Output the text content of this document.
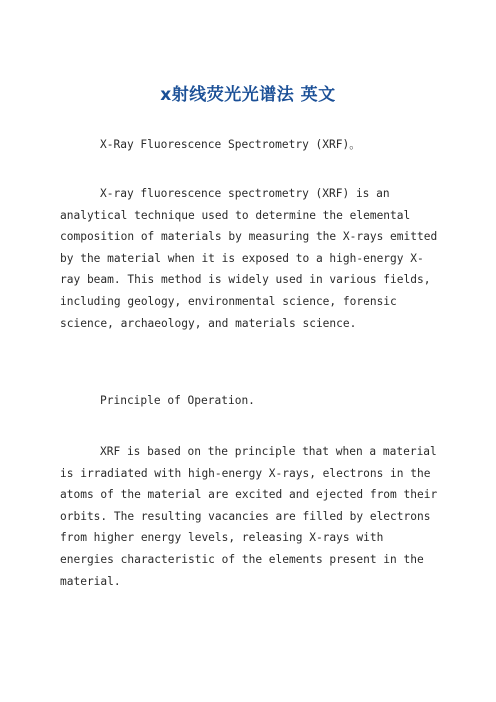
x射线荧光光谱法 英文

X-Ray Fluorescence Spectrometry (XRF)。

X-ray fluorescence spectrometry (XRF) is an analytical technique used to determine the elemental composition of materials by measuring the X-rays emitted by the material when it is exposed to a high-energy X-ray beam. This method is widely used in various fields, including geology, environmental science, forensic science, archaeology, and materials science.

Principle of Operation.

XRF is based on the principle that when a material is irradiated with high-energy X-rays, electrons in the atoms of the material are excited and ejected from their orbits. The resulting vacancies are filled by electrons from higher energy levels, releasing X-rays with energies characteristic of the elements present in the material.
